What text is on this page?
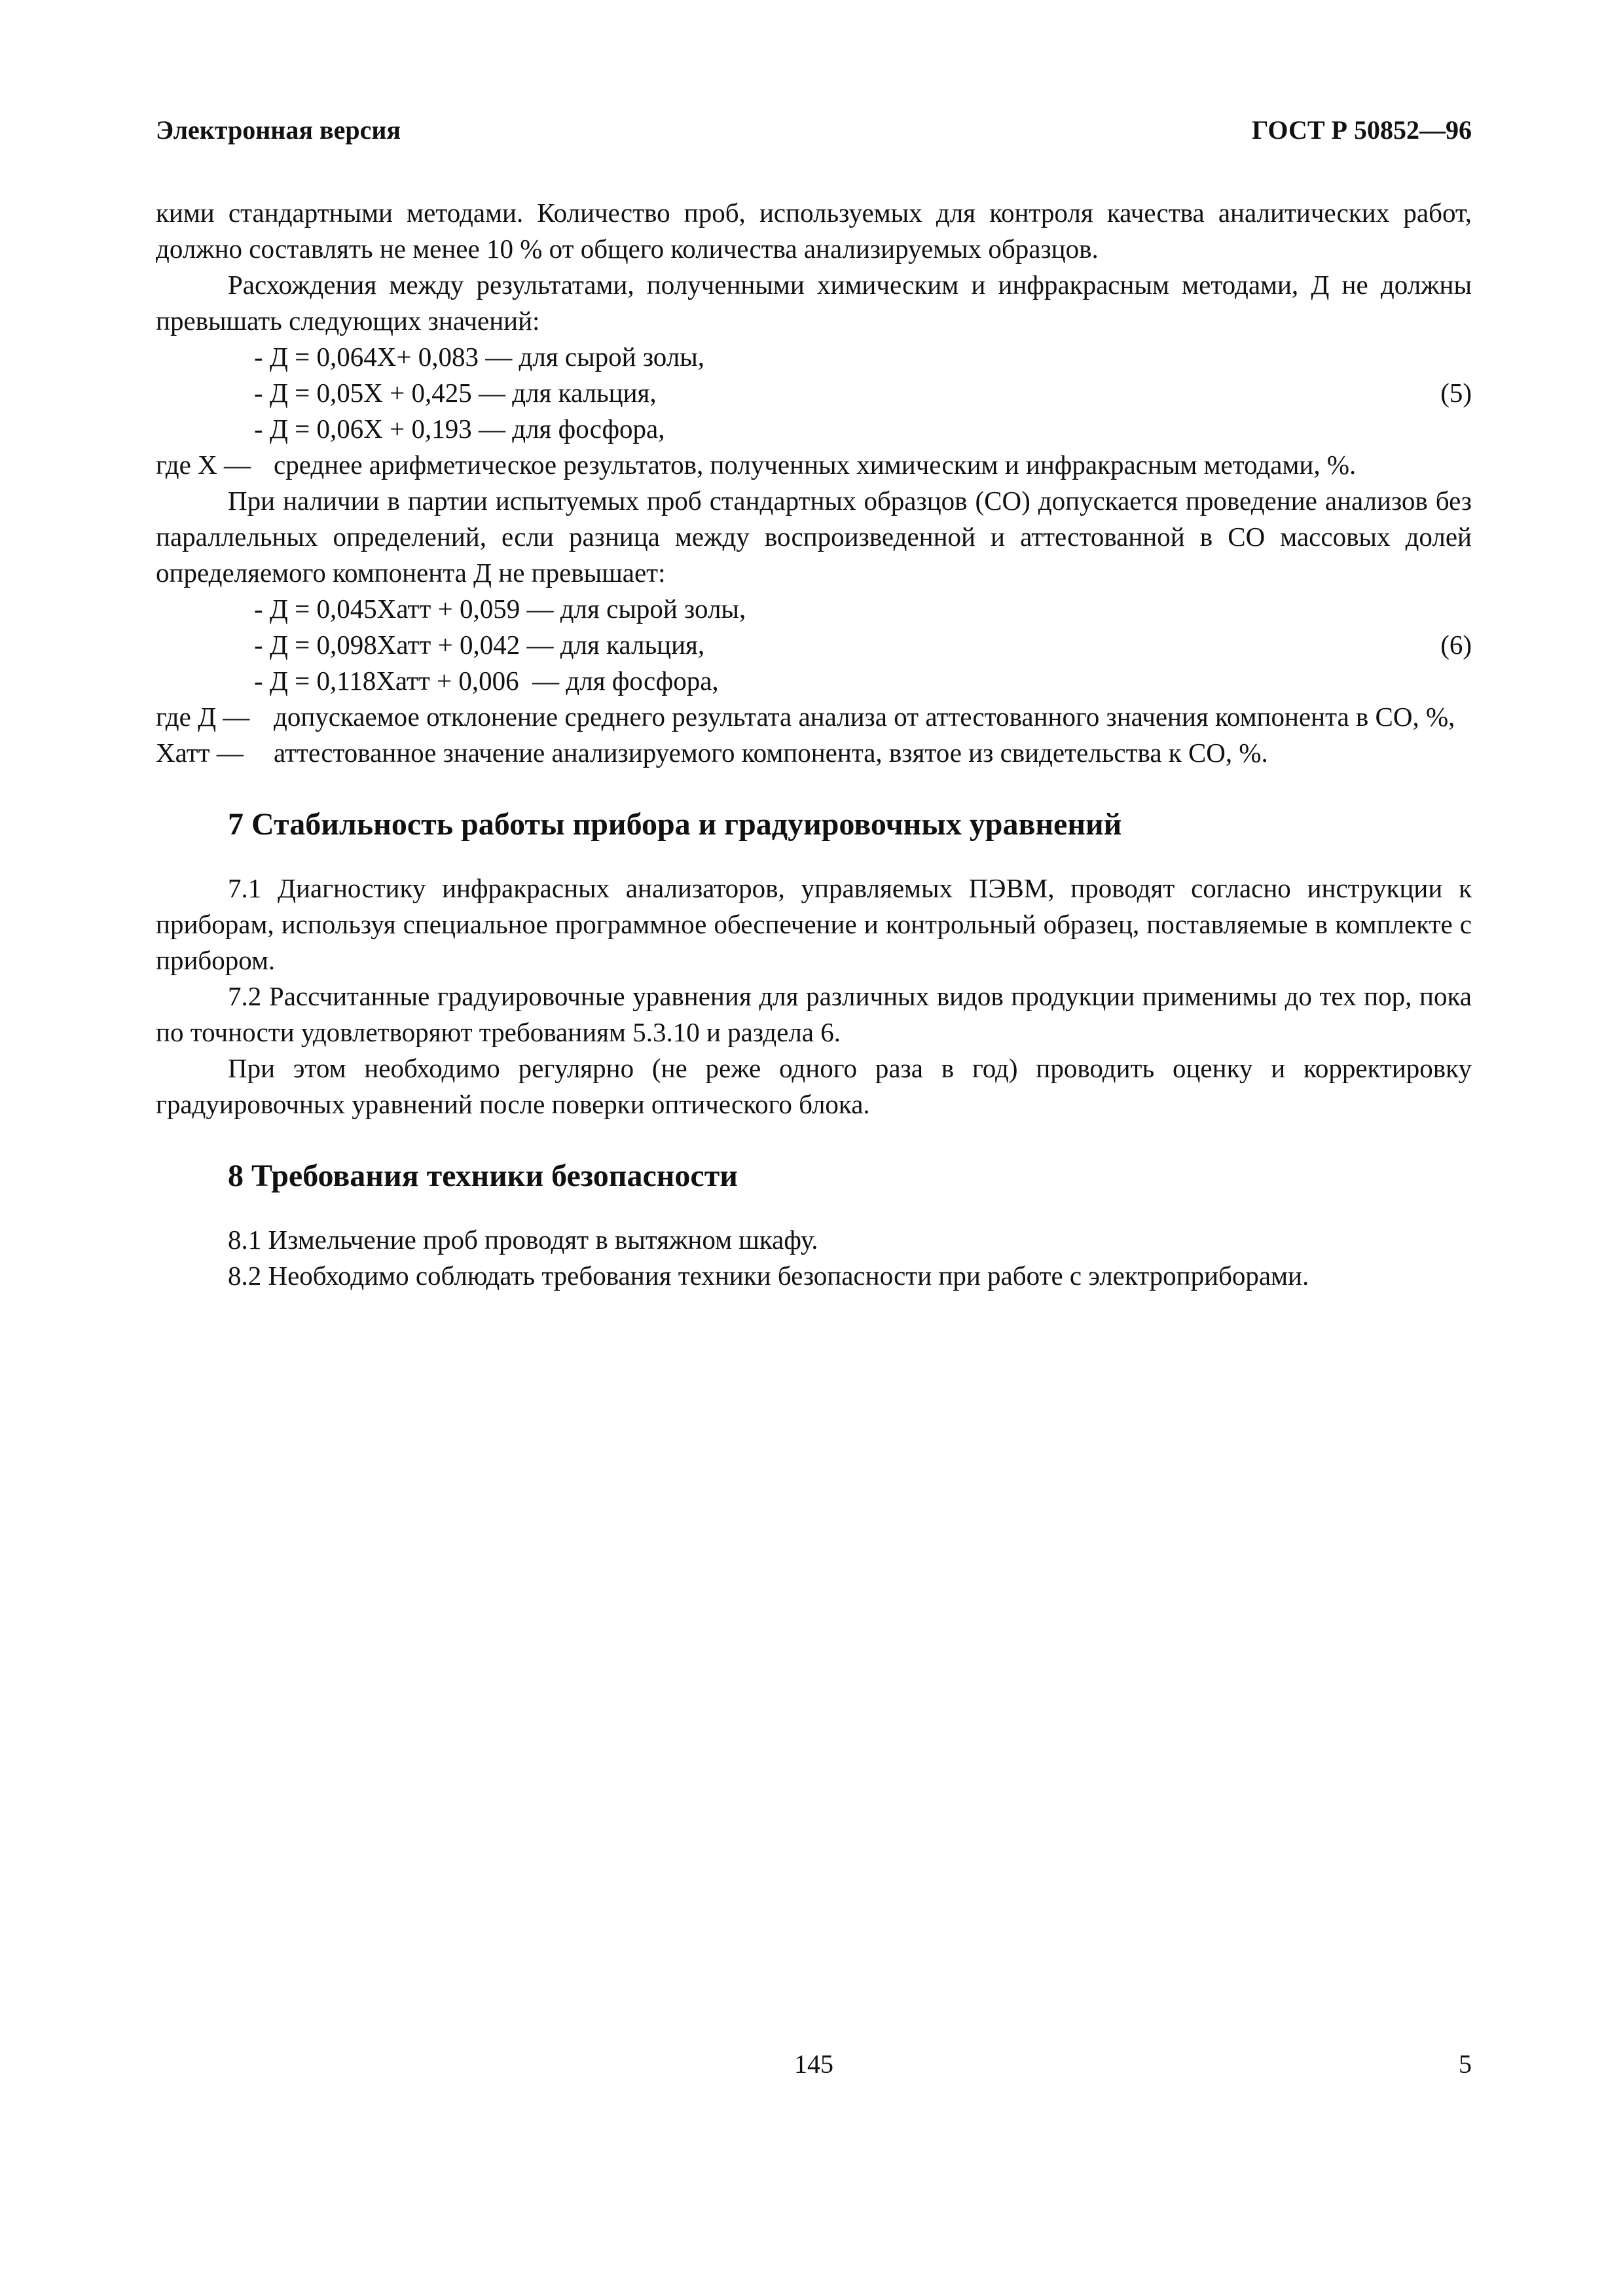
Электронная версия	ГОСТ Р 50852—96

кими стандартными методами. Количество проб, используемых для контроля качества аналитических работ, должно составлять не менее 10 % от общего количества анализируемых образцов.

Расхождения между результатами, полученными химическим и инфракрасным методами, Д не должны превышать следующих значений:

- Д = 0,064X+ 0,083 — для сырой золы,
- Д = 0,05X + 0,425 — для кальция,
- Д = 0,06X + 0,193 — для фосфора,
(5)
где X — среднее арифметическое результатов, полученных химическим и инфракрасным методами, %.

При наличии в партии испытуемых проб стандартных образцов (СО) допускается проведение анализов без параллельных определений, если разница между воспроизведенной и аттестованной в СО массовых долей определяемого компонента Д не превышает:

- Д = 0,045Xатт + 0,059 — для сырой золы,
- Д = 0,098Xатт + 0,042 — для кальция,
- Д = 0,118Xатт + 0,006  — для фосфора,
(6)
где Д — допускаемое отклонение среднего результата анализа от аттестованного значения компонента в СО, %,
Xатт —	аттестованное значение анализируемого компонента, взятое из свидетельства к СО, %.
7 Стабильность работы прибора и градуировочных уравнений

7.1 Диагностику инфракрасных анализаторов, управляемых ПЭВМ, проводят согласно инструкции к приборам, используя специальное программное обеспечение и контрольный образец, поставляемые в комплекте с прибором.

7.2 Рассчитанные градуировочные уравнения для различных видов продукции применимы до тех пор, пока по точности удовлетворяют требованиям 5.3.10 и раздела 6.

При этом необходимо регулярно (не реже одного раза в год) проводить оценку и корректировку градуировочных уравнений после поверки оптического блока.

8 Требования техники безопасности

8.1 Измельчение проб проводят в вытяжном шкафу.

8.2 Необходимо соблюдать требования техники безопасности при работе с электроприборами.

145	5
